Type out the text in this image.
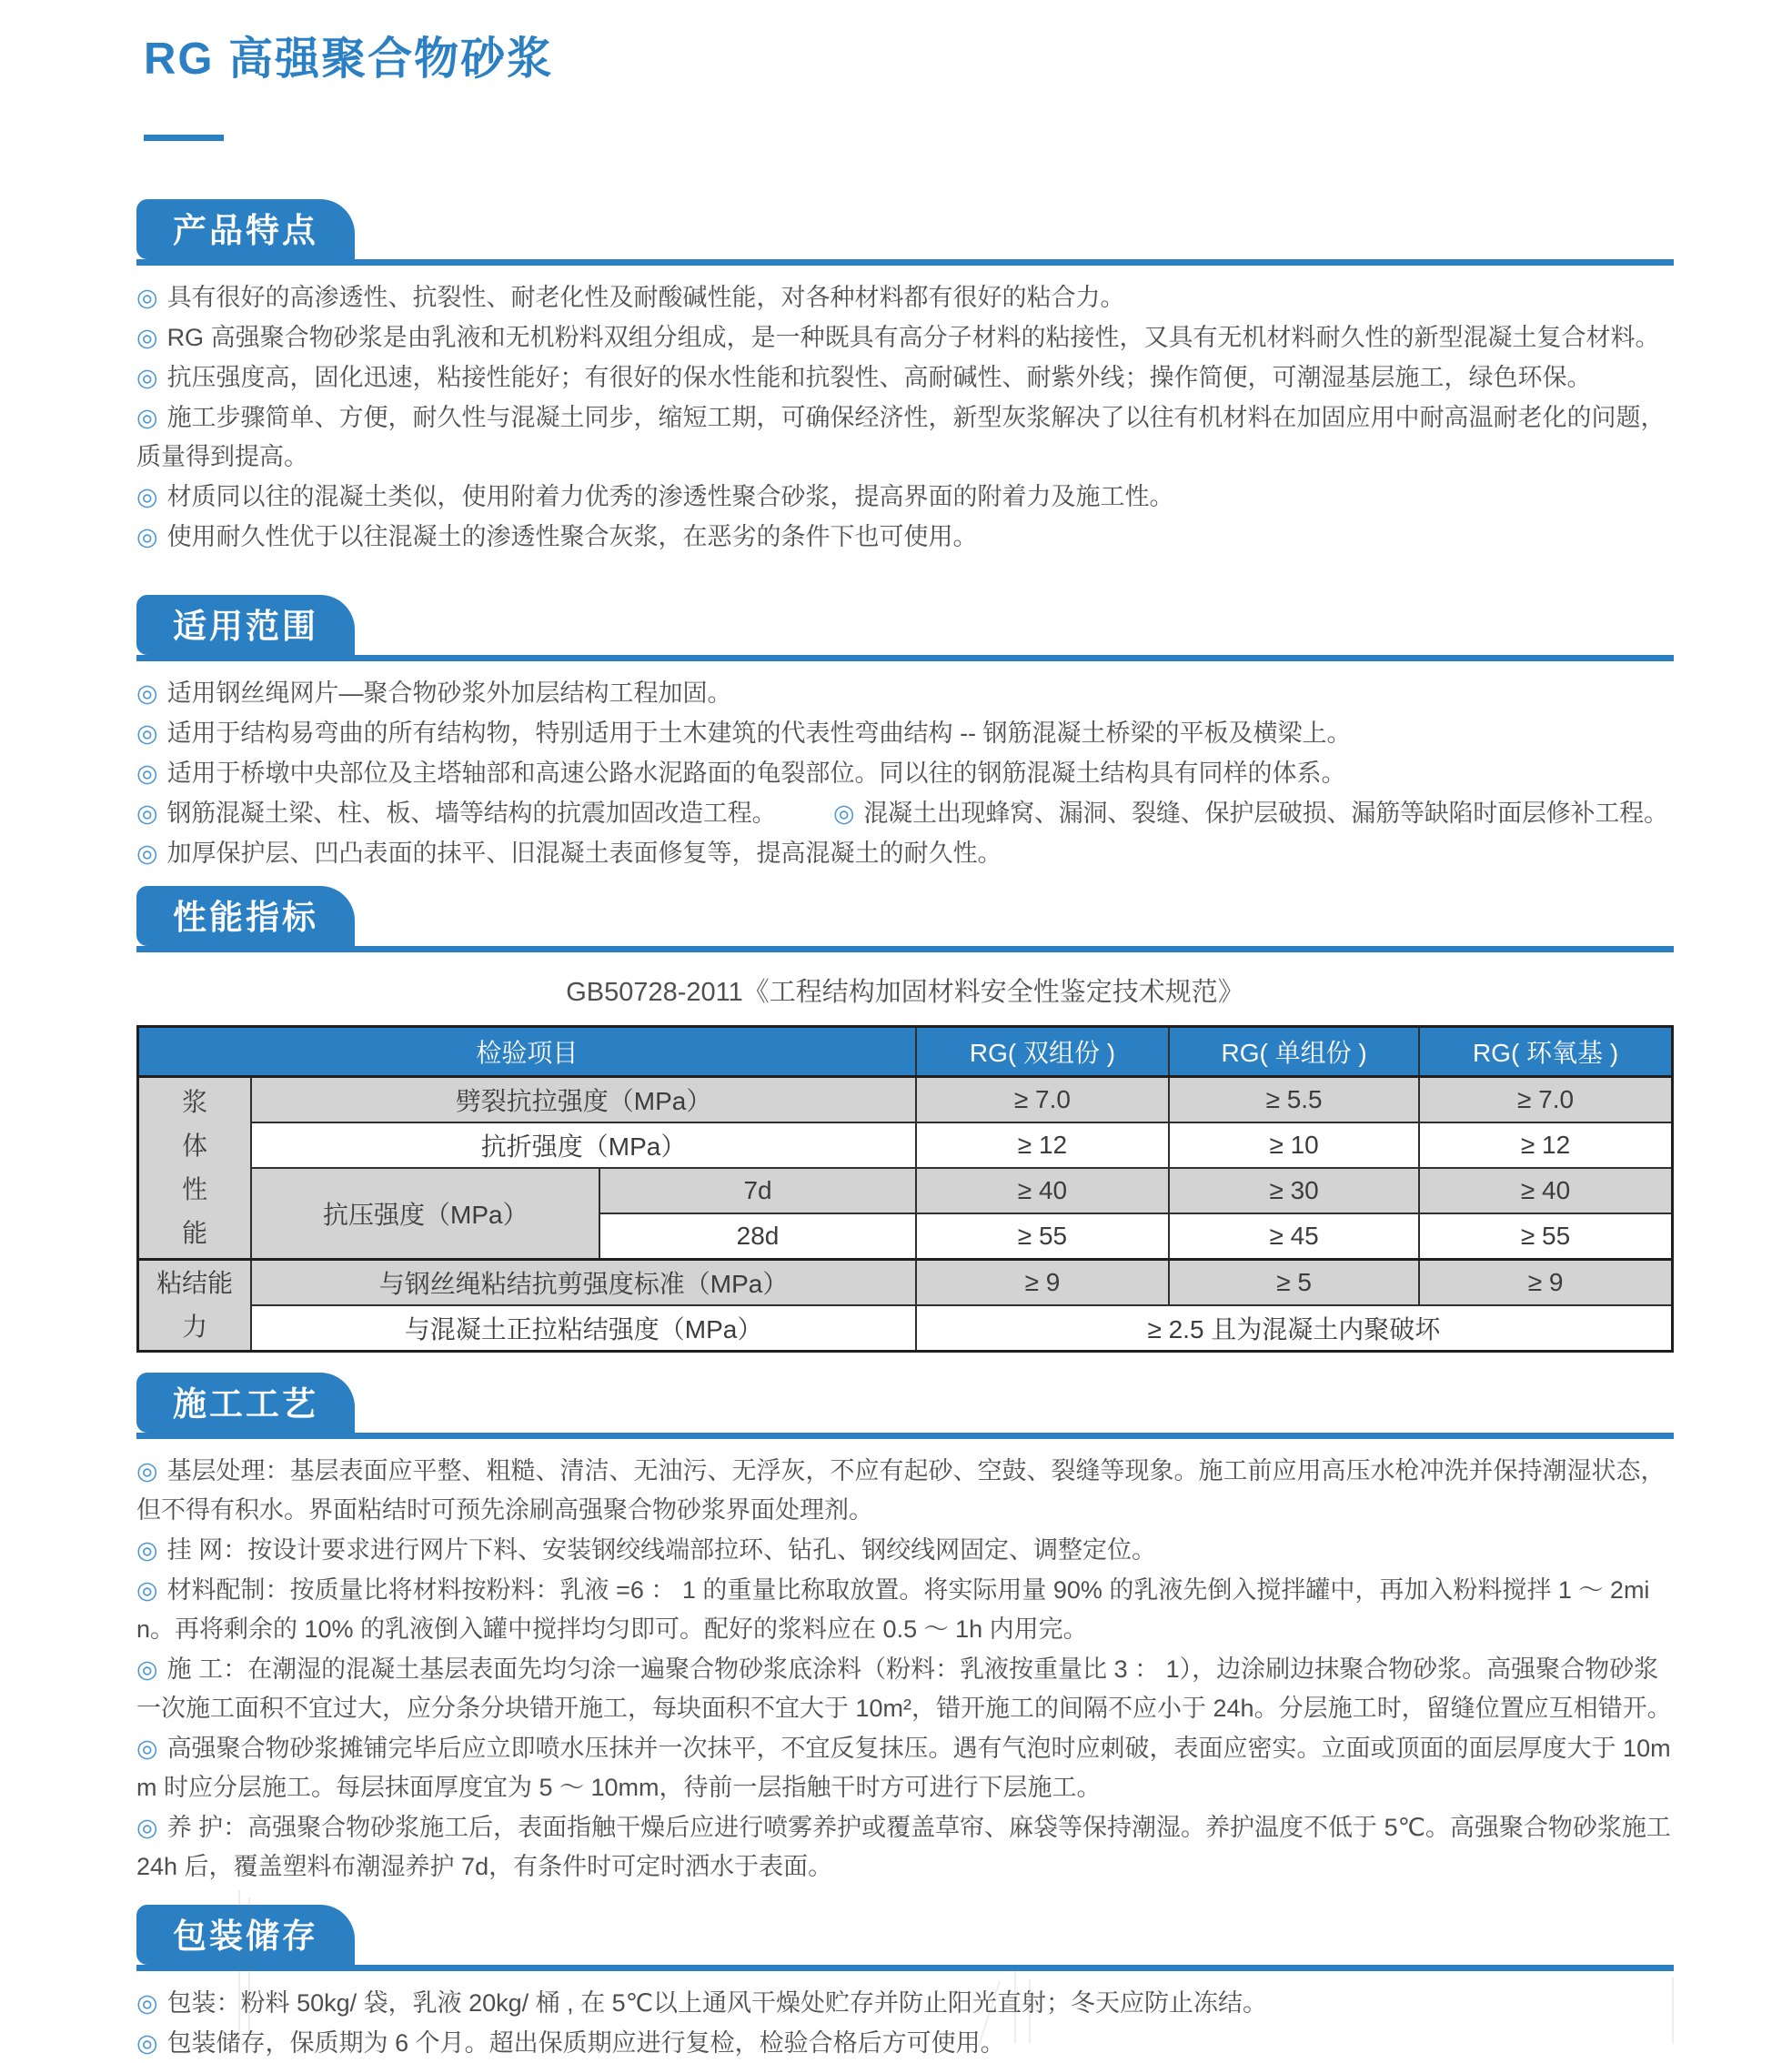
RG 高强聚合物砂浆
产品特点

◎ 具有很好的高渗透性、抗裂性、耐老化性及耐酸碱性能，对各种材料都有很好的粘合力。

◎ RG 高强聚合物砂浆是由乳液和无机粉料双组分组成，是一种既具有高分子材料的粘接性，又具有无机材料耐久性的新型混凝土复合材料。

◎ 抗压强度高，固化迅速，粘接性能好；有很好的保水性能和抗裂性、高耐碱性、耐紫外线；操作简便，可潮湿基层施工，绿色环保。

◎ 施工步骤简单、方便，耐久性与混凝土同步，缩短工期，可确保经济性，新型灰浆解决了以往有机材料在加固应用中耐高温耐老化的问题，质量得到提高。

◎ 材质同以往的混凝土类似，使用附着力优秀的渗透性聚合砂浆，提高界面的附着力及施工性。

◎ 使用耐久性优于以往混凝土的渗透性聚合灰浆，在恶劣的条件下也可使用。

适用范围

◎ 适用钢丝绳网片—聚合物砂浆外加层结构工程加固。

◎ 适用于结构易弯曲的所有结构物，特别适用于土木建筑的代表性弯曲结构 -- 钢筋混凝土桥梁的平板及横梁上。

◎ 适用于桥墩中央部位及主塔轴部和高速公路水泥路面的龟裂部位。同以往的钢筋混凝土结构具有同样的体系。

◎ 钢筋混凝土梁、柱、板、墙等结构的抗震加固改造工程。	◎ 混凝土出现蜂窝、漏洞、裂缝、保护层破损、漏筋等缺陷时面层修补工程。

◎ 加厚保护层、凹凸表面的抹平、旧混凝土表面修复等，提高混凝土的耐久性。

性能指标
GB50728-2011《工程结构加固材料安全性鉴定技术规范》
检验项目			RG( 双组份 )	RG( 单组份 )	RG( 环氧基 )

浆
体
性
能	劈裂抗拉强度（MPa）		≥ 7.0	≥ 5.5	≥ 7.0
	抗折强度（MPa）		≥ 12	≥ 10	≥ 12
	抗压强度（MPa）	7d	≥ 40	≥ 30	≥ 40
		28d	≥ 55	≥ 45	≥ 55

粘结能
力	与钢丝绳粘结抗剪强度标准（MPa）		≥ 9	≥ 5	≥ 9
	与混凝土正拉粘结强度（MPa）		≥ 2.5 且为混凝土内聚破坏		
施工工艺

◎ 基层处理：基层表面应平整、粗糙、清洁、无油污、无浮灰，不应有起砂、空鼓、裂缝等现象。施工前应用高压水枪冲洗并保持潮湿状态，但不得有积水。界面粘结时可预先涂刷高强聚合物砂浆界面处理剂。

◎ 挂 网：按设计要求进行网片下料、安装钢绞线端部拉环、钻孔、钢绞线网固定、调整定位。

◎ 材料配制：按质量比将材料按粉料：乳液 =6 ： 1 的重量比称取放置。将实际用量 90% 的乳液先倒入搅拌罐中，再加入粉料搅拌 1 ～ 2min。再将剩余的 10% 的乳液倒入罐中搅拌均匀即可。配好的浆料应在 0.5 ～ 1h 内用完。

◎ 施 工：在潮湿的混凝土基层表面先均匀涂一遍聚合物砂浆底涂料（粉料：乳液按重量比 3 ： 1），边涂刷边抹聚合物砂浆。高强聚合物砂浆一次施工面积不宜过大，应分条分块错开施工，每块面积不宜大于 10m²，错开施工的间隔不应小于 24h。分层施工时，留缝位置应互相错开。

◎ 高强聚合物砂浆摊铺完毕后应立即喷水压抹并一次抹平，不宜反复抹压。遇有气泡时应刺破，表面应密实。立面或顶面的面层厚度大于 10mm 时应分层施工。每层抹面厚度宜为 5 ～ 10mm，待前一层指触干时方可进行下层施工。

◎ 养 护：高强聚合物砂浆施工后，表面指触干燥后应进行喷雾养护或覆盖草帘、麻袋等保持潮湿。养护温度不低于 5℃。高强聚合物砂浆施工 24h 后，覆盖塑料布潮湿养护 7d，有条件时可定时洒水于表面。

包装储存

◎ 包装：粉料 50kg/ 袋，乳液 20kg/ 桶 , 在 5℃以上通风干燥处贮存并防止阳光直射；冬天应防止冻结。

◎ 包装储存，保质期为 6 个月。超出保质期应进行复检，检验合格后方可使用。
